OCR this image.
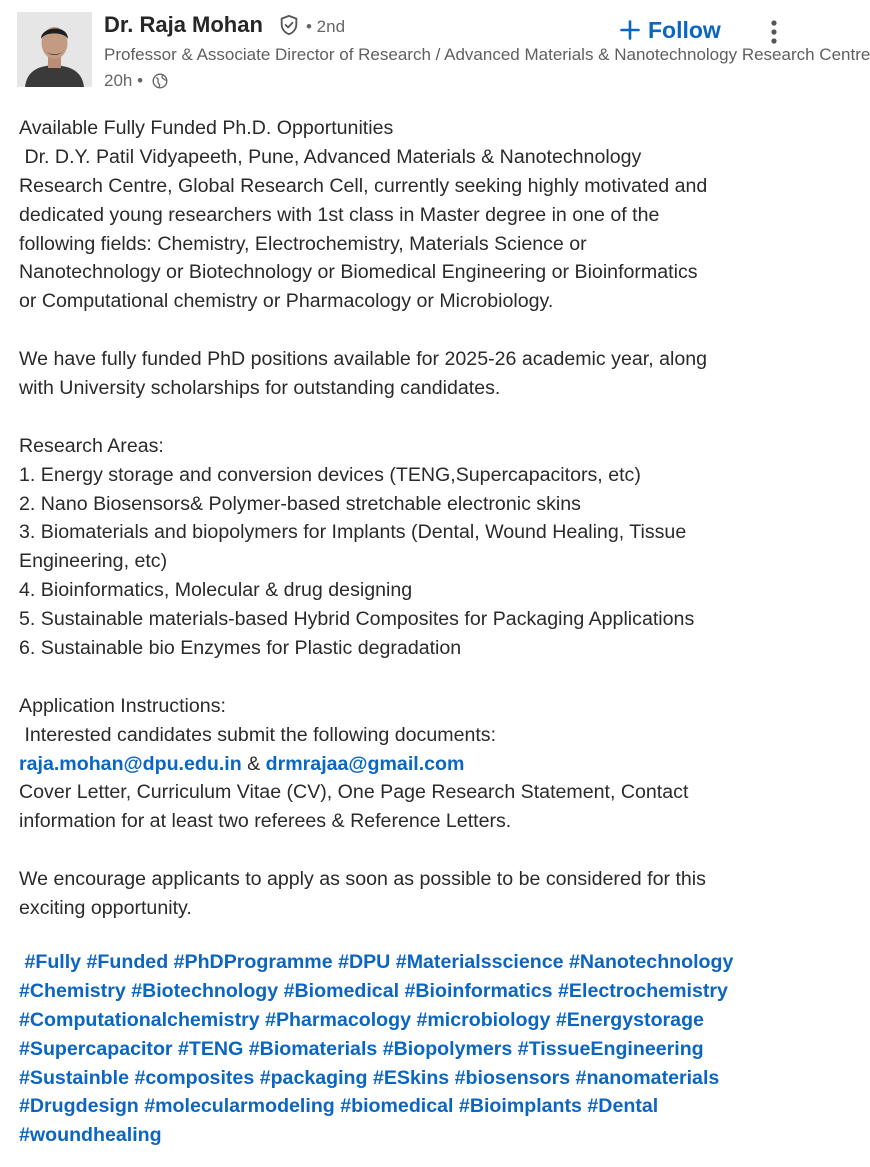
Dr. Raja Mohan	• 2nd
Professor & Associate Director of Research / Advanced Materials & Nanotechnology Research Centre
20h •
Follow
Available Fully Funded Ph.D. Opportunities
Dr. D.Y. Patil Vidyapeeth, Pune, Advanced Materials & Nanotechnology
Research Centre, Global Research Cell, currently seeking highly motivated and
dedicated young researchers with 1st class in Master degree in one of the
following fields: Chemistry, Electrochemistry, Materials Science or
Nanotechnology or Biotechnology or Biomedical Engineering or Bioinformatics
or Computational chemistry or Pharmacology or Microbiology.
We have fully funded PhD positions available for 2025-26 academic year, along
with University scholarships for outstanding candidates.
Research Areas:
1. Energy storage and conversion devices (TENG,Supercapacitors, etc)
2. Nano Biosensors& Polymer-based stretchable electronic skins
3. Biomaterials and biopolymers for Implants (Dental, Wound Healing, Tissue
Engineering, etc)
4. Bioinformatics, Molecular & drug designing
5. Sustainable materials-based Hybrid Composites for Packaging Applications
6. Sustainable bio Enzymes for Plastic degradation
Application Instructions:
Interested candidates submit the following documents:
raja.mohan@dpu.edu.in & drmrajaa@gmail.com
Cover Letter, Curriculum Vitae (CV), One Page Research Statement, Contact
information for at least two referees & Reference Letters.
We encourage applicants to apply as soon as possible to be considered for this
exciting opportunity.
#Fully #Funded #PhDProgramme #DPU #Materialsscience #Nanotechnology
#Chemistry #Biotechnology #Biomedical #Bioinformatics #Electrochemistry
#Computationalchemistry #Pharmacology #microbiology #Energystorage
#Supercapacitor #TENG #Biomaterials #Biopolymers #TissueEngineering
#Sustainble #composites #packaging #ESkins #biosensors #nanomaterials
#Drugdesign #molecularmodeling #biomedical #Bioimplants #Dental
#woundhealing
